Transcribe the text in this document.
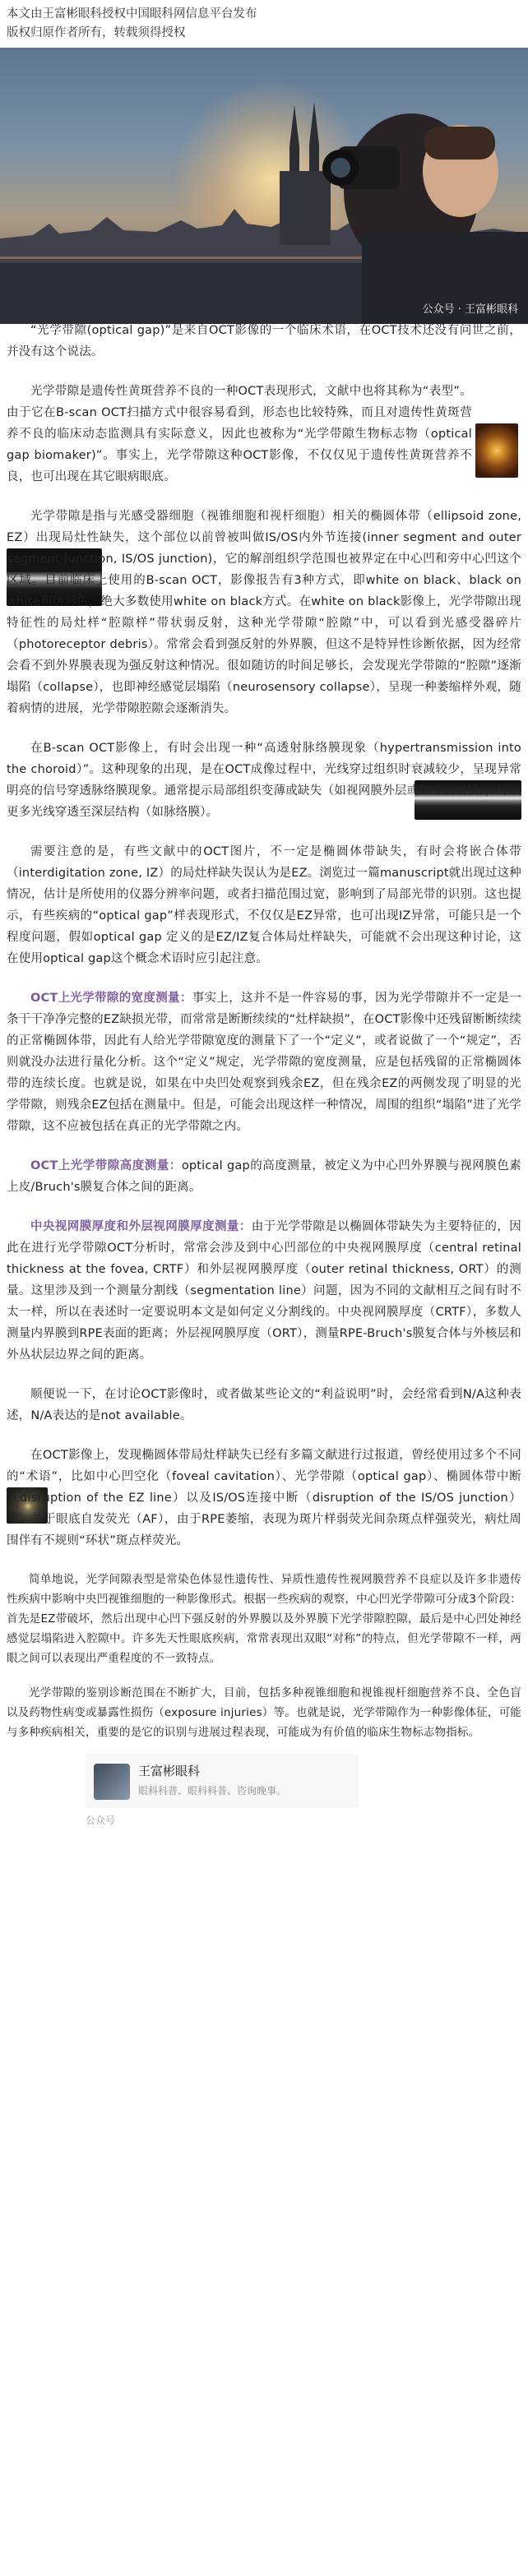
本文由王富彬眼科授权中国眼科网信息平台发布
版权归原作者所有，转载须得授权
公众号 · 王富彬眼科

“光学带隙(optical gap)”是来自OCT影像的一个临床术语，在OCT技术还没有问世之前，并没有这个说法。

光学带隙是遗传性黄斑营养不良的一种OCT表现形式，文献中也将其称为“表型”。由于它在B-scan OCT扫描方式中很容易看到，形态也比较特殊，而且对遗传性黄斑营养不良的临床动态监测具有实际意义，因此也被称为“光学带隙生物标志物（optical gap biomaker)”。事实上，光学带隙这种OCT影像，不仅仅见于遗传性黄斑营养不良，也可出现在其它眼病眼底。

光学带隙是指与光感受器细胞（视锥细胞和视杆细胞）相关的椭圆体带（ellipsoid zone, EZ）出现局灶性缺失，这个部位以前曾被叫做IS/OS内外节连接(inner segment and outer segment junction, IS/OS junction)，它的解剖组织学范围也被界定在中心凹和旁中心凹这个区域。目前临床上使用的B-scan OCT，影像报告有3种方式，即white on black、black on white和伪彩色，绝大多数使用white on black方式。在white on black影像上，光学带隙出现特征性的局灶样“腔隙样”带状弱反射，这种光学带隙“腔隙”中，可以看到光感受器碎片（photoreceptor debris）。常常会看到强反射的外界膜，但这不是特异性诊断依据，因为经常会看不到外界膜表现为强反射这种情况。很如随访的时间足够长，会发现光学带隙的“腔隙”逐渐塌陷（collapse），也即神经感觉层塌陷（neurosensory collapse），呈现一种萎缩样外观，随着病情的进展，光学带隙腔隙会逐渐消失。

在B-scan OCT影像上，有时会出现一种“高透射脉络膜现象（hypertransmission into the choroid）”。这种现象的出现，是在OCT成像过程中，光线穿过组织时衰减较少，呈现异常明亮的信号穿透脉络膜现象。通常提示局部组织变薄或缺失（如视网膜外层或RPE层缺损），导致更多光线穿透至深层结构（如脉络膜）。

需要注意的是，有些文献中的OCT图片，不一定是椭圆体带缺失，有时会将嵌合体带（interdigitation zone, IZ）的局灶样缺失误认为是EZ。浏览过一篇manuscript就出现过这种情况，估计是所使用的仪器分辨率问题，或者扫描范围过宽，影响到了局部光带的识别。这也提示，有些疾病的“optical gap”样表现形式，不仅仅是EZ异常，也可出现IZ异常，可能只是一个程度问题，假如optical gap 定义的是EZ/IZ复合体局灶样缺失，可能就不会出现这种讨论，这在使用optical gap这个概念术语时应引起注意。

OCT上光学带隙的宽度测量：事实上，这并不是一件容易的事，因为光学带隙并不一定是一条干干净净完整的EZ缺损光带，而常常是断断续续的“灶样缺损”，在OCT影像中还残留断断续续的正常椭圆体带，因此有人给光学带隙宽度的测量下了一个“定义”，或者说做了一个“规定”，否则就没办法进行量化分析。这个“定义”规定，光学带隙的宽度测量，应是包括残留的正常椭圆体带的连续长度。也就是说，如果在中央凹处观察到残余EZ，但在残余EZ的两侧发现了明显的光学带隙，则残余EZ包括在测量中。但是，可能会出现这样一种情况，周围的组织“塌陷”进了光学带隙，这不应被包括在真正的光学带隙之内。

OCT上光学带隙高度测量：optical gap的高度测量，被定义为中心凹外界膜与视网膜色素上皮/Bruch's膜复合体之间的距离。

中央视网膜厚度和外层视网膜厚度测量：由于光学带隙是以椭圆体带缺失为主要特征的，因此在进行光学带隙OCT分析时，常常会涉及到中心凹部位的中央视网膜厚度（central retinal thickness at the fovea, CRTF）和外层视网膜厚度（outer retinal thickness, ORT）的测量。这里涉及到一个测量分割线（segmentation line）问题，因为不同的文献相互之间有时不太一样，所以在表述时一定要说明本文是如何定义分割线的。中央视网膜厚度（CRTF），多数人测量内界膜到RPE表面的距离；外层视网膜厚度（ORT），测量RPE-Bruch's膜复合体与外核层和外丛状层边界之间的距离。

顺便说一下，在讨论OCT影像时，或者做某些论文的“利益说明”时，会经常看到N/A这种表述，N/A表达的是not available。

在OCT影像上，发现椭圆体带局灶样缺失已经有多篇文献进行过报道，曾经使用过多个不同的“术语”，比如中心凹空化（foveal cavitation）、光学带隙（optical gap）、椭圆体带中断（disruption of the EZ line）以及IS/OS连接中断（disruption of the IS/OS junction）等。关于眼底自发荧光（AF），由于RPE萎缩，表现为斑片样弱荧光间杂斑点样强荧光，病灶周围伴有不规则“环状”斑点样荧光。

简单地说，光学间隙表型是常染色体显性遗传性、异质性遗传性视网膜营养不良症以及许多非遗传性疾病中影响中央凹视锥细胞的一种影像形式。根据一些疾病的观察，中心凹光学带隙可分成3个阶段：首先是EZ带破坏，然后出现中心凹下强反射的外界膜以及外界膜下光学带隙腔隙，最后是中心凹处神经感觉层塌陷进入腔隙中。许多先天性眼底疾病，常常表现出双眼“对称”的特点，但光学带隙不一样，两眼之间可以表现出严重程度的不一致特点。

王富彬眼科
眼科科普、眼科科普、咨询晚事。
公众号

光学带隙的鉴别诊断范围在不断扩大，目前，包括多种视锥细胞和视锥视杆细胞营养不良、全色盲以及药物性病变或暴露性损伤（exposure injuries）等。也就是说，光学带隙作为一种影像体征，可能与多种疾病相关，重要的是它的识别与进展过程表现，可能成为有价值的临床生物标志物指标。
